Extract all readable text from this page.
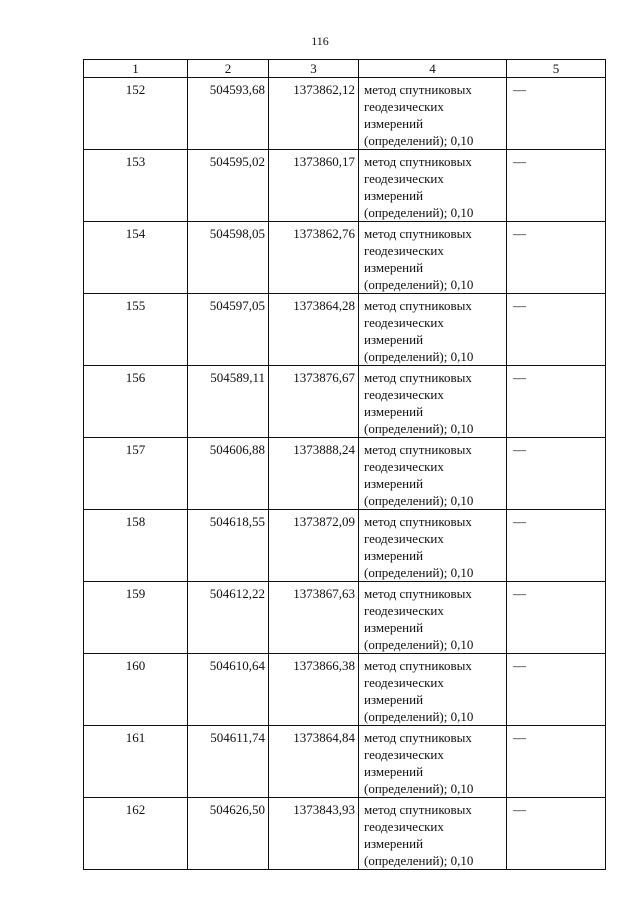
116
1	2	3	4	5
152	504593,68	1373862,12	метод спутниковых
геодезических
измерений
(определений); 0,10	—
153	504595,02	1373860,17	метод спутниковых
геодезических
измерений
(определений); 0,10	—
154	504598,05	1373862,76	метод спутниковых
геодезических
измерений
(определений); 0,10	—
155	504597,05	1373864,28	метод спутниковых
геодезических
измерений
(определений); 0,10	—
156	504589,11	1373876,67	метод спутниковых
геодезических
измерений
(определений); 0,10	—
157	504606,88	1373888,24	метод спутниковых
геодезических
измерений
(определений); 0,10	—
158	504618,55	1373872,09	метод спутниковых
геодезических
измерений
(определений); 0,10	—
159	504612,22	1373867,63	метод спутниковых
геодезических
измерений
(определений); 0,10	—
160	504610,64	1373866,38	метод спутниковых
геодезических
измерений
(определений); 0,10	—
161	504611,74	1373864,84	метод спутниковых
геодезических
измерений
(определений); 0,10	—
162	504626,50	1373843,93	метод спутниковых
геодезических
измерений
(определений); 0,10	—
